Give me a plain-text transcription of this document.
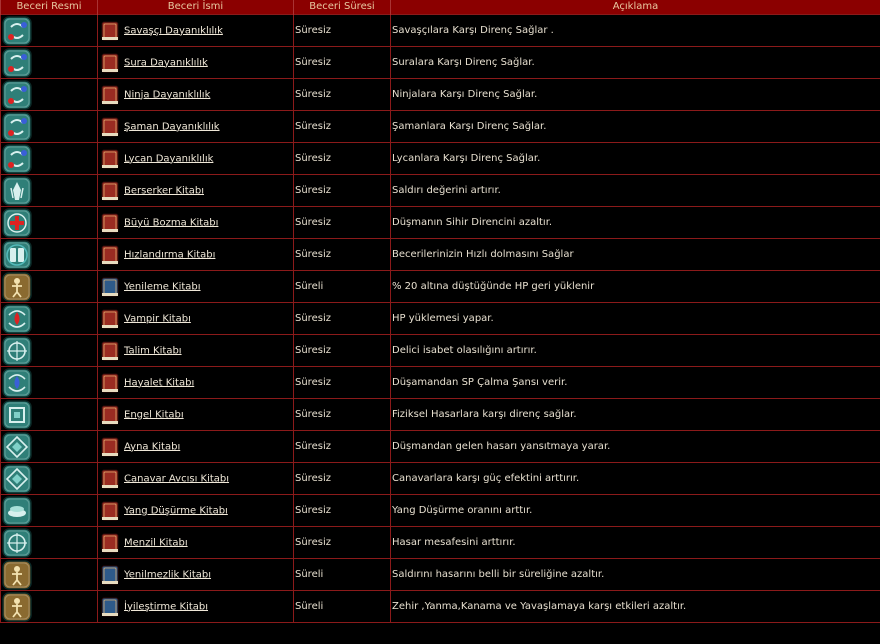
Beceri Resmi	Beceri İsmi	Beceri Süresi	Açıklama
	Savaşçı Dayanıklılık	Süresiz	Savaşçılara Karşı Direnç Sağlar .
	Sura Dayanıklılık	Süresiz	Suralara Karşı Direnç Sağlar.
	Ninja Dayanıklılık	Süresiz	Ninjalara Karşı Direnç Sağlar.
	Şaman Dayanıklılık	Süresiz	Şamanlara Karşı Direnç Sağlar.
	Lycan Dayanıklılık	Süresiz	Lycanlara Karşı Direnç Sağlar.
	Berserker Kitabı	Süresiz	Saldırı değerini artırır.
	Büyü Bozma Kitabı	Süresiz	Düşmanın Sihir Direncini azaltır.
	Hızlandırma Kitabı	Süresiz	Becerilerinizin Hızlı dolmasını Sağlar
	Yenileme Kitabı	Süreli	% 20 altına düştüğünde HP geri yüklenir
	Vampir Kitabı	Süresiz	HP yüklemesi yapar.
	Talim Kitabı	Süresiz	Delici isabet olasılığını artırır.
	Hayalet Kitabı	Süresiz	Düşamandan SP Çalma Şansı verir.
	Engel Kitabı	Süresiz	Fiziksel Hasarlara karşı direnç sağlar.
	Ayna Kitabı	Süresiz	Düşmandan gelen hasarı yansıtmaya yarar.
	Canavar Avcısı Kitabı	Süresiz	Canavarlara karşı güç efektini arttırır.
	Yang Düşürme Kitabı	Süresiz	Yang Düşürme oranını arttır.
	Menzil Kitabı	Süresiz	Hasar mesafesini arttırır.
	Yenilmezlik Kitabı	Süreli	Saldırını hasarını belli bir süreliğine azaltır.
	İyileştirme Kitabı	Süreli	Zehir ,Yanma,Kanama ve Yavaşlamaya karşı etkileri azaltır.
